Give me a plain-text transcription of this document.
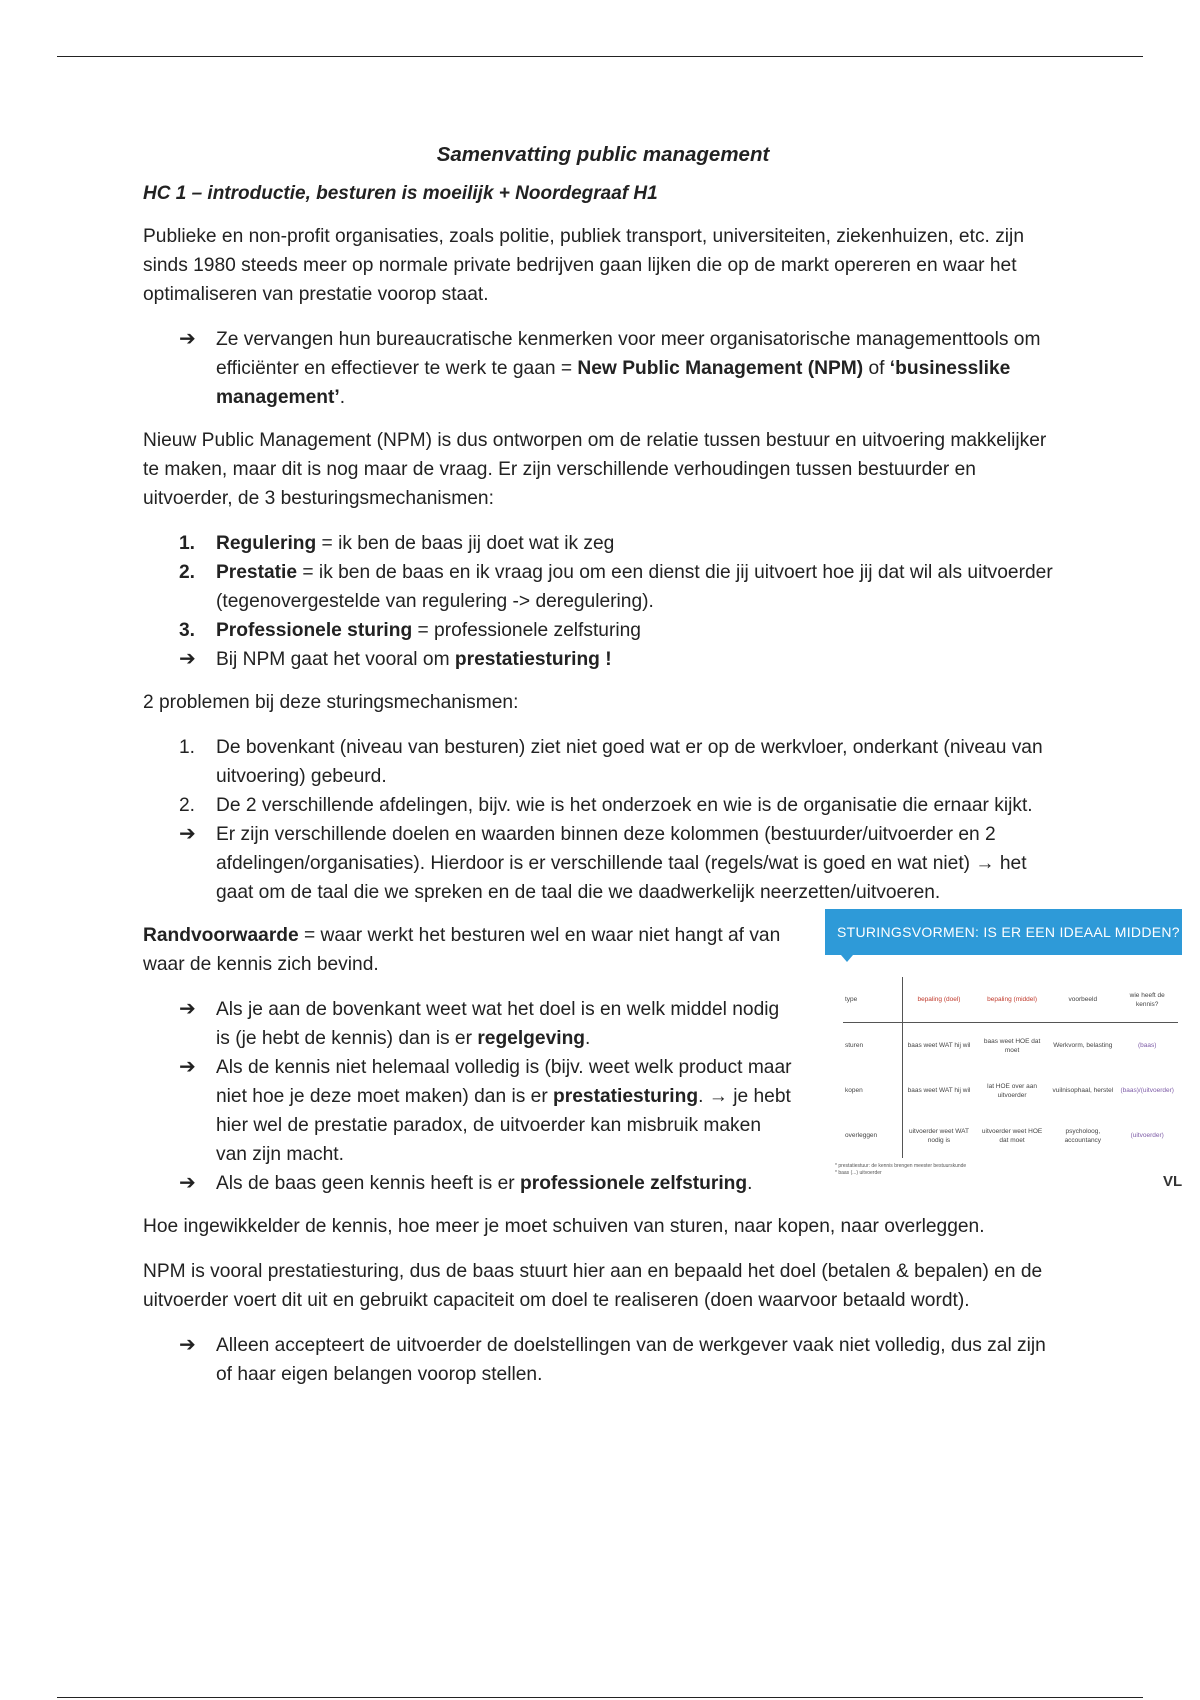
Samenvatting public management
HC 1 – introductie, besturen is moeilijk + Noordegraaf H1

Publieke en non-profit organisaties, zoals politie, publiek transport, universiteiten, ziekenhuizen, etc. zijn sinds 1980 steeds meer op normale private bedrijven gaan lijken die op de markt opereren en waar het optimaliseren van prestatie voorop staat.

➔ Ze vervangen hun bureaucratische kenmerken voor meer organisatorische managementtools om efficiënter en effectiever te werk te gaan = New Public Management (NPM) of ‘businesslike management’.

Nieuw Public Management (NPM) is dus ontworpen om de relatie tussen bestuur en uitvoering makkelijker te maken, maar dit is nog maar de vraag. Er zijn verschillende verhoudingen tussen bestuurder en uitvoerder, de 3 besturingsmechanismen:

1. Regulering = ik ben de baas jij doet wat ik zeg
2. Prestatie = ik ben de baas en ik vraag jou om een dienst die jij uitvoert hoe jij dat wil als uitvoerder (tegenovergestelde van regulering -> deregulering).
3. Professionele sturing = professionele zelfsturing
➔ Bij NPM gaat het vooral om prestatiesturing !

2 problemen bij deze sturingsmechanismen:

1. De bovenkant (niveau van besturen) ziet niet goed wat er op de werkvloer, onderkant (niveau van uitvoering) gebeurd.
2. De 2 verschillende afdelingen, bijv. wie is het onderzoek en wie is de organisatie die ernaar kijkt.
➔ Er zijn verschillende doelen en waarden binnen deze kolommen (bestuurder/uitvoerder en 2 afdelingen/organisaties). Hierdoor is er verschillende taal (regels/wat is goed en wat niet) → het gaat om de taal die we spreken en de taal die we daadwerkelijk neerzetten/uitvoeren.

Randvoorwaarde = waar werkt het besturen wel en waar niet hangt af van waar de kennis zich bevind.

➔ Als je aan de bovenkant weet wat het doel is en welk middel nodig is (je hebt de kennis) dan is er regelgeving.
➔ Als de kennis niet helemaal volledig is (bijv. weet welk product maar niet hoe je deze moet maken) dan is er prestatiesturing. → je hebt hier wel de prestatie paradox, de uitvoerder kan misbruik maken van zijn macht.
➔ Als de baas geen kennis heeft is er professionele zelfsturing.
STURINGSVORMEN: IS ER EEN IDEAAL MIDDEN?
type	bepaling (doel)	bepaling (middel)	voorbeeld	wie heeft de kennis?
sturen	baas weet WAT hij wil	baas weet HOE dat moet	Werkvorm, belasting	(baas)
kopen	baas weet WAT hij wil	lat HOE over aan uitvoerder	vuilnisophaal, herstel	(baas)/(uitvoerder)
overleggen	uitvoerder weet WAT nodig is	uitvoerder weet HOE dat moet	psycholoog, accountancy	(uitvoerder)
* prestatiestuur: de kennis brengen meester bestuurskunde
* baas (...) uitvoerder	VL

Hoe ingewikkelder de kennis, hoe meer je moet schuiven van sturen, naar kopen, naar overleggen.

NPM is vooral prestatiesturing, dus de baas stuurt hier aan en bepaald het doel (betalen & bepalen) en de uitvoerder voert dit uit en gebruikt capaciteit om doel te realiseren (doen waarvoor betaald wordt).

➔ Alleen accepteert de uitvoerder de doelstellingen van de werkgever vaak niet volledig, dus zal zijn of haar eigen belangen voorop stellen.
